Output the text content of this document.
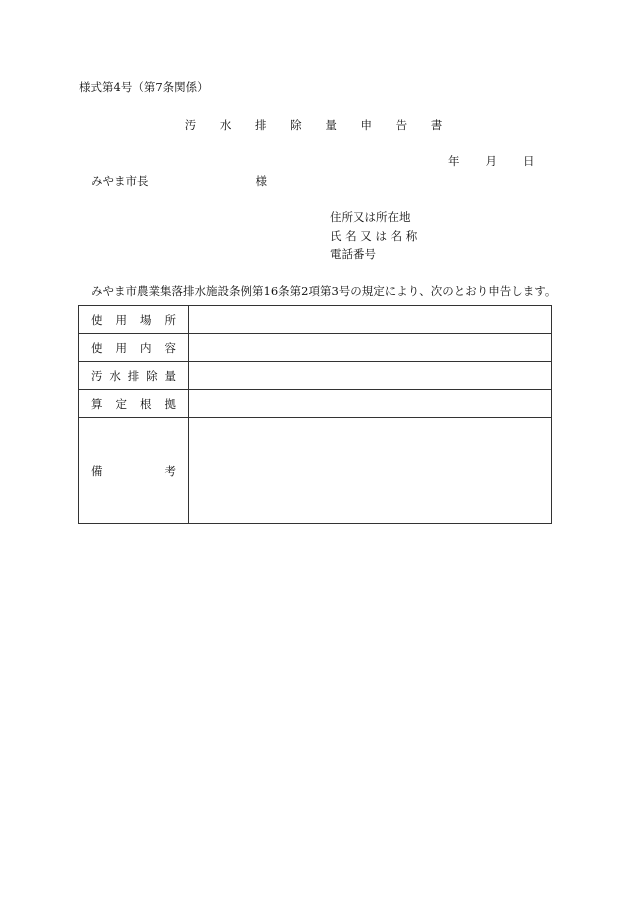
様式第4号（第7条関係）
汚 水 排 除 量 申 告 書
年 月 日
みやま市長	様
住所又は所在地
氏 名 又 は 名 称
電話番号
みやま市農業集落排水施設条例第16条第2項第3号の規定により、次のとおり申告します。
使 用 場 所	

使 用 内 容	

汚 水 排 除 量	

算 定 根 拠	

備 考	
